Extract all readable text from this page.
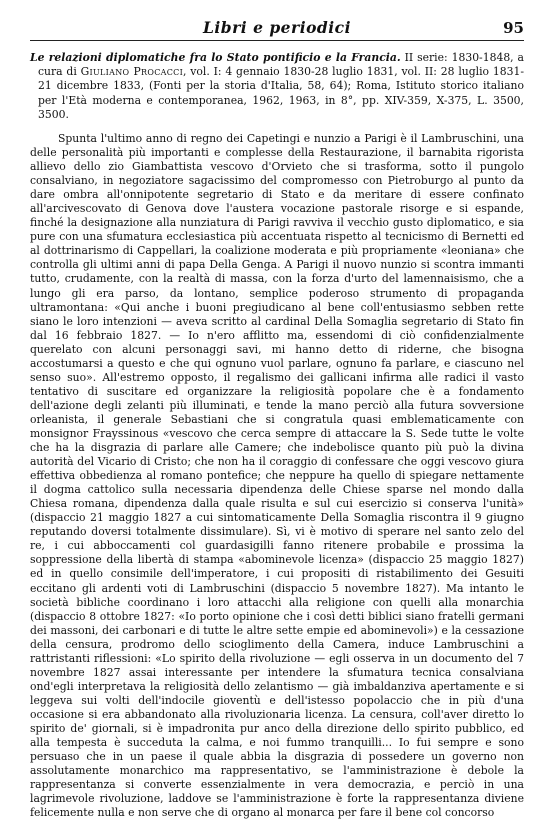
Libri e periodici	95

Le relazioni diplomatiche fra lo Stato pontificio e la Francia. II serie: 1830-1848, a cura di Giuliano Procacci, vol. I: 4 gennaio 1830-28 luglio 1831, vol. II: 28 luglio 1831-21 dicembre 1833, (Fonti per la storia d'Italia, 58, 64); Roma, Istituto storico italiano per l'Età moderna e contemporanea, 1962, 1963, in 8°, pp. XIV-359, X-375, L. 3500, 3500.

Spunta l'ultimo anno di regno dei Capetingi e nunzio a Parigi è il Lambruschini, una delle personalità più importanti e complesse della Restaurazione, il barnabita rigorista allievo dello zio Giambattista vescovo d'Orvieto che si trasforma, sotto il pungolo consalviano, in negoziatore sagacissimo del compromesso con Pietroburgo al punto da dare ombra all'onnipotente segretario di Stato e da meritare di essere confinato all'arcivescovato di Genova dove l'austera vocazione pastorale risorge e si espande, finché la designazione alla nunziatura di Parigi ravviva il vecchio gusto diplomatico, e sia pure con una sfumatura ecclesiastica più accentuata rispetto al tecnicismo di Bernetti ed al dottrinarismo di Cappellari, la coalizione moderata e più propriamente «leoniana» che controlla gli ultimi anni di papa Della Genga. A Parigi il nuovo nunzio si scontra immanti tutto, crudamente, con la realtà di massa, con la forza d'urto del lamennaisismo, che a lungo gli era parso, da lontano, semplice poderoso strumento di propaganda ultramontana: «Qui anche i buoni pregiudicano al bene coll'entusiasmo sebben rette siano le loro intenzioni — aveva scritto al cardinal Della Somaglia segretario di Stato fin dal 16 febbraio 1827. — Io n'ero afflitto ma, essendomi di ciò confidenzialmente querelato con alcuni personaggi savi, mi hanno detto di riderne, che bisogna accostumarsi a questo e che qui ognuno vuol parlare, ognuno fa parlare, e ciascuno nel senso suo». All'estremo opposto, il regalismo dei gallicani infirma alle radici il vasto tentativo di suscitare ed organizzare la religiosità popolare che è a fondamento dell'azione degli zelanti più illuminati, e tende la mano perciò alla futura sovversione orleanista, il generale Sebastiani che si congratula quasi emblematicamente con monsignor Frayssinous «vescovo che cerca sempre di attaccare la S. Sede tutte le volte che ha la disgrazia di parlare alle Camere; che indebolisce quanto più può la divina autorità del Vicario di Cristo; che non ha il coraggio di confessare che oggi vescovo giura effettiva obbedienza al romano pontefice; che neppure ha quello di spiegare nettamente il dogma cattolico sulla necessaria dipendenza delle Chiese sparse nel mondo dalla Chiesa romana, dipendenza dalla quale risulta e sul cui esercizio si conserva l'unità» (dispaccio 21 maggio 1827 a cui sintomaticamente Della Somaglia riscontra il 9 giugno reputando doversi totalmente dissimulare). Sì, vi è motivo di sperare nel santo zelo del re, i cui abboccamenti col guardasigilli fanno ritenere probabile e prossima la soppressione della libertà di stampa «abominevole licenza» (dispaccio 25 maggio 1827) ed in quello consimile dell'imperatore, i cui propositi di ristabilimento dei Gesuiti eccitano gli ardenti voti di Lambruschini (dispaccio 5 novembre 1827). Ma intanto le società bibliche coordinano i loro attacchi alla religione con quelli alla monarchia (dispaccio 8 ottobre 1827: «Io porto opinione che i così detti biblici siano fratelli germani dei massoni, dei carbonari e di tutte le altre sette empie ed abominevoli») e la cessazione della censura, prodromo dello scioglimento della Camera, induce Lambruschini a rattristanti riflessioni: «Lo spirito della rivoluzione — egli osserva in un documento del 7 novembre 1827 assai interessante per intendere la sfumatura tecnica consalviana ond'egli interpretava la religiosità dello zelantismo — già imbaldanziva apertamente e si leggeva sui volti dell'indocile gioventù e dell'istesso popolaccio che in più d'una occasione si era abbandonato alla rivoluzionaria licenza. La censura, coll'aver diretto lo spirito de' giornali, si è impadronita pur anco della direzione dello spirito pubblico, ed alla tempesta è succeduta la calma, e noi fummo tranquilli... Io fui sempre e sono persuaso che in un paese il quale abbia la disgrazia di possedere un governo non assolutamente monarchico ma rappresentativo, se l'amministrazione è debole la rappresentanza si converte essenzialmente in vera democrazia, e perciò in una lagrimevole rivoluzione, laddove se l'amministrazione è forte la rappresentanza diviene felicemente nulla e non serve che di organo al monarca per fare il bene col concorso
